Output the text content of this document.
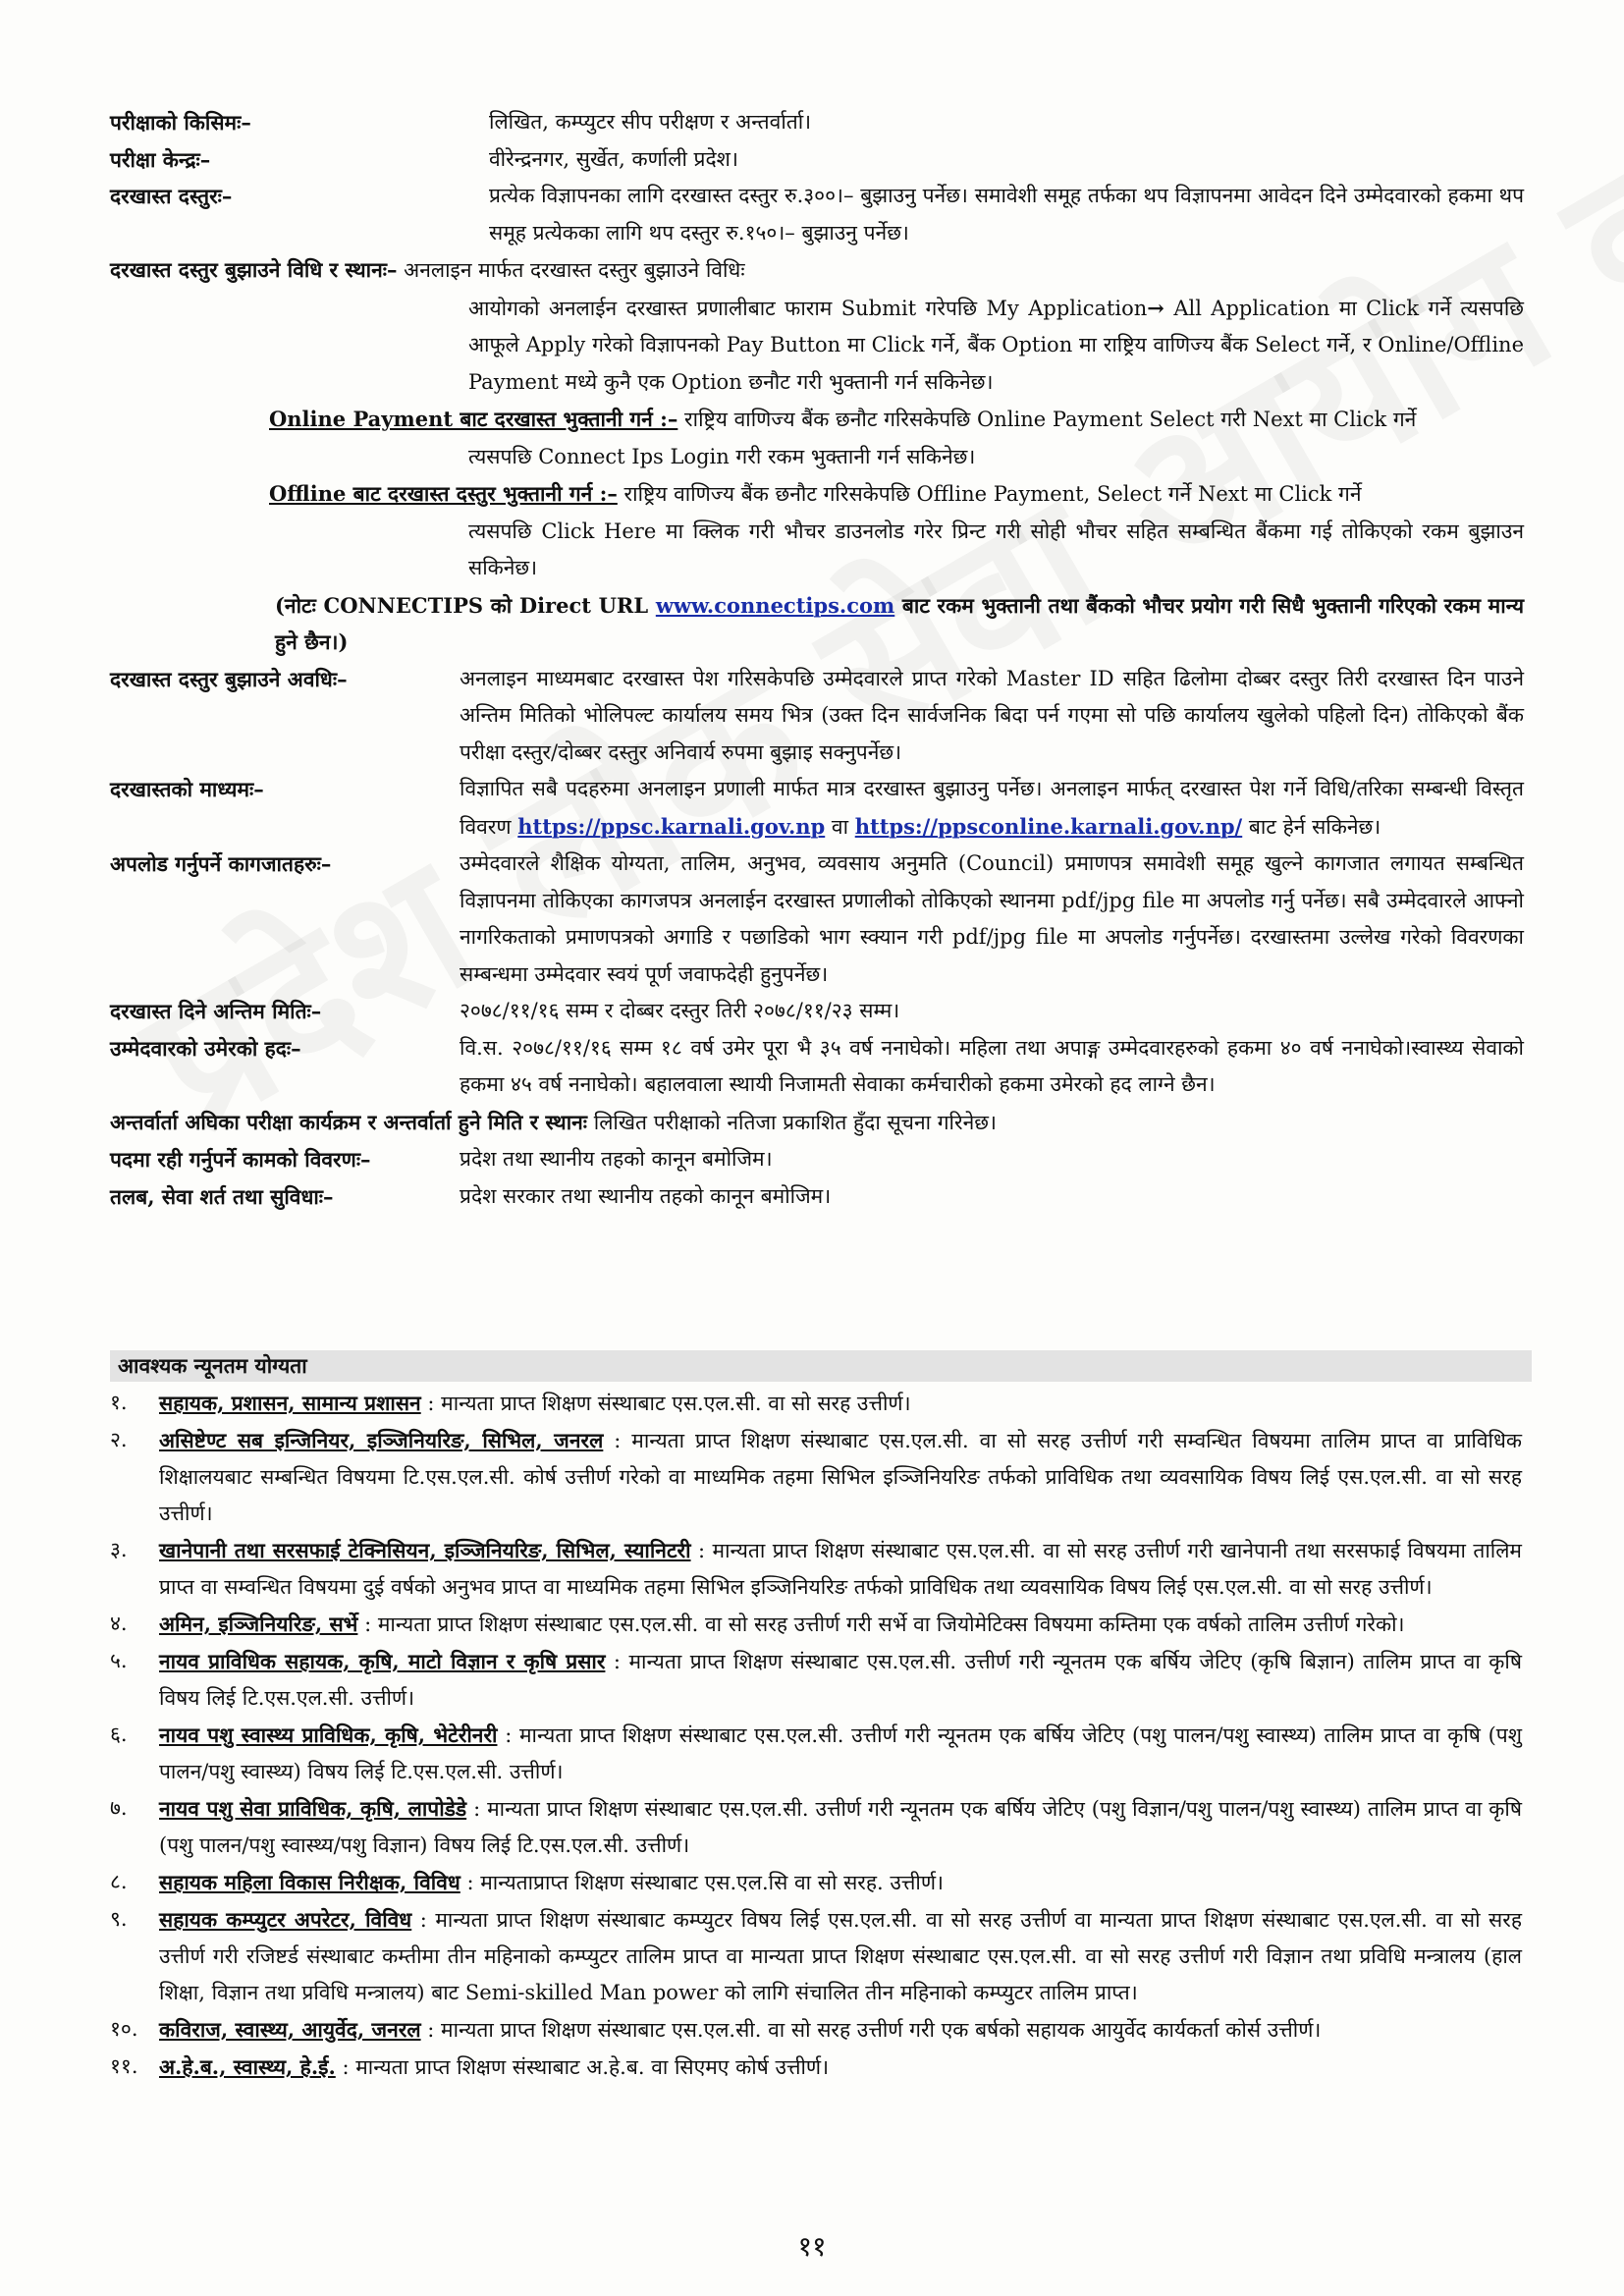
परीक्षाको किसिमः–	लिखित, कम्प्युटर सीप परीक्षण र अन्तर्वार्ता।
परीक्षा केन्द्रः–	वीरेन्द्रनगर, सुर्खेत, कर्णाली प्रदेश।
दरखास्त दस्तुरः–	प्रत्येक विज्ञापनका लागि दरखास्त दस्तुर रु.३००।– बुझाउनु पर्नेछ। समावेशी समूह तर्फका थप विज्ञापनमा आवेदन दिने उम्मेदवारको हकमा थप समूह प्रत्येकका लागि थप दस्तुर रु.१५०।– बुझाउनु पर्नेछ।
दरखास्त दस्तुर बुझाउने विधि र स्थानः– अनलाइन मार्फत दरखास्त दस्तुर बुझाउने विधिः
आयोगको अनलाईन दरखास्त प्रणालीबाट फाराम Submit गरेपछि My Application→ All Application मा Click गर्ने त्यसपछि आफूले Apply गरेको विज्ञापनको Pay Button मा Click गर्ने, बैंक Option मा राष्ट्रिय वाणिज्य बैंक Select गर्ने, र Online/Offline Payment मध्ये कुनै एक Option छनौट गरी भुक्तानी गर्न सकिनेछ।
Online Payment बाट दरखास्त भुक्तानी गर्न :– राष्ट्रिय वाणिज्य बैंक छनौट गरिसकेपछि Online Payment Select गरी Next मा Click गर्ने
त्यसपछि Connect Ips Login गरी रकम भुक्तानी गर्न सकिनेछ।
Offline बाट दरखास्त दस्तुर भुक्तानी गर्न :– राष्ट्रिय वाणिज्य बैंक छनौट गरिसकेपछि Offline Payment, Select गर्ने Next मा Click गर्ने
त्यसपछि Click Here मा क्लिक गरी भौचर डाउनलोड गरेर प्रिन्ट गरी सोही भौचर सहित सम्बन्धित बैंकमा गई तोकिएको रकम बुझाउन सकिनेछ।
(नोटः CONNECTIPS को Direct URL www.connectips.com बाट रकम भुक्तानी तथा बैंकको भौचर प्रयोग गरी सिधै भुक्तानी गरिएको रकम मान्य हुने छैन।)
दरखास्त दस्तुर बुझाउने अवधिः–	अनलाइन माध्यमबाट दरखास्त पेश गरिसकेपछि उम्मेदवारले प्राप्त गरेको Master ID सहित ढिलोमा दोब्बर दस्तुर तिरी दरखास्त दिन पाउने अन्तिम मितिको भोलिपल्ट कार्यालय समय भित्र (उक्त दिन सार्वजनिक बिदा पर्न गएमा सो पछि कार्यालय खुलेको पहिलो दिन) तोकिएको बैंक परीक्षा दस्तुर/दोब्बर दस्तुर अनिवार्य रुपमा बुझाइ सक्नुपर्नेछ।
दरखास्तको माध्यमः–	विज्ञापित सबै पदहरुमा अनलाइन प्रणाली मार्फत मात्र दरखास्त बुझाउनु पर्नेछ। अनलाइन मार्फत् दरखास्त पेश गर्ने विधि/तरिका सम्बन्धी विस्तृत विवरण https://ppsc.karnali.gov.np वा https://ppsconline.karnali.gov.np/ बाट हेर्न सकिनेछ।
अपलोड गर्नुपर्ने कागजातहरुः–	उम्मेदवारले शैक्षिक योग्यता, तालिम, अनुभव, व्यवसाय अनुमति (Council) प्रमाणपत्र समावेशी समूह खुल्ने कागजात लगायत सम्बन्धित विज्ञापनमा तोकिएका कागजपत्र अनलाईन दरखास्त प्रणालीको तोकिएको स्थानमा pdf/jpg file मा अपलोड गर्नु पर्नेछ। सबै उम्मेदवारले आफ्नो नागरिकताको प्रमाणपत्रको अगाडि र पछाडिको भाग स्क्यान गरी pdf/jpg file मा अपलोड गर्नुपर्नेछ। दरखास्तमा उल्लेख गरेको विवरणका सम्बन्धमा उम्मेदवार स्वयं पूर्ण जवाफदेही हुनुपर्नेछ।
दरखास्त दिने अन्तिम मितिः–	२०७८/११/१६ सम्म र दोब्बर दस्तुर तिरी २०७८/११/२३ सम्म।
उम्मेदवारको उमेरको हदः–	वि.स. २०७८/११/१६ सम्म १८ वर्ष उमेर पूरा भै ३५ वर्ष ननाघेको। महिला तथा अपाङ्ग उम्मेदवारहरुको हकमा ४० वर्ष ननाघेको।स्वास्थ्य सेवाको हकमा ४५ वर्ष ननाघेको। बहालवाला स्थायी निजामती सेवाका कर्मचारीको हकमा उमेरको हद लाग्ने छैन।
अन्तर्वार्ता अघिका परीक्षा कार्यक्रम र अन्तर्वार्ता हुने मिति र स्थानः लिखित परीक्षाको नतिजा प्रकाशित हुँदा सूचना गरिनेछ।
पदमा रही गर्नुपर्ने कामको विवरणः–	प्रदेश तथा स्थानीय तहको कानून बमोजिम।
तलब, सेवा शर्त तथा सुविधाः–	प्रदेश सरकार तथा स्थानीय तहको कानून बमोजिम।
आवश्यक न्यूनतम योग्यता
१.	सहायक, प्रशासन, सामान्य प्रशासन : मान्यता प्राप्त शिक्षण संस्थाबाट एस.एल.सी. वा सो सरह उत्तीर्ण।
२.	असिष्टेण्ट सब इन्जिनियर, इञ्जिनियरिङ, सिभिल, जनरल : मान्यता प्राप्त शिक्षण संस्थाबाट एस.एल.सी. वा सो सरह उत्तीर्ण गरी सम्वन्धित विषयमा तालिम प्राप्त वा प्राविधिक शिक्षालयबाट सम्बन्धित विषयमा टि.एस.एल.सी. कोर्ष उत्तीर्ण गरेको वा माध्यमिक तहमा सिभिल इञ्जिनियरिङ तर्फको प्राविधिक तथा व्यवसायिक विषय लिई एस.एल.सी. वा सो सरह उत्तीर्ण।
३.	खानेपानी तथा सरसफाई टेक्निसियन, इञ्जिनियरिङ, सिभिल, स्यानिटरी : मान्यता प्राप्त शिक्षण संस्थाबाट एस.एल.सी. वा सो सरह उत्तीर्ण गरी खानेपानी तथा सरसफाई विषयमा तालिम प्राप्त वा सम्वन्धित विषयमा दुई वर्षको अनुभव प्राप्त वा माध्यमिक तहमा सिभिल इञ्जिनियरिङ तर्फको प्राविधिक तथा व्यवसायिक विषय लिई एस.एल.सी. वा सो सरह उत्तीर्ण।
४.	अमिन, इञ्जिनियरिङ, सर्भे : मान्यता प्राप्त शिक्षण संस्थाबाट एस.एल.सी. वा सो सरह उत्तीर्ण गरी सर्भे वा जियोमेटिक्स विषयमा कम्तिमा एक वर्षको तालिम उत्तीर्ण गरेको।
५.	नायव प्राविधिक सहायक, कृषि, माटो विज्ञान र कृषि प्रसार : मान्यता प्राप्त शिक्षण संस्थाबाट एस.एल.सी. उत्तीर्ण गरी न्यूनतम एक बर्षिय जेटिए (कृषि बिज्ञान) तालिम प्राप्त वा कृषि विषय लिई टि.एस.एल.सी. उत्तीर्ण।
६.	नायव पशु स्वास्थ्य प्राविधिक, कृषि, भेटेरीनरी : मान्यता प्राप्त शिक्षण संस्थाबाट एस.एल.सी. उत्तीर्ण गरी न्यूनतम एक बर्षिय जेटिए (पशु पालन/पशु स्वास्थ्य) तालिम प्राप्त वा कृषि (पशु पालन/पशु स्वास्थ्य) विषय लिई टि.एस.एल.सी. उत्तीर्ण।
७.	नायव पशु सेवा प्राविधिक, कृषि, लापोडेडे : मान्यता प्राप्त शिक्षण संस्थाबाट एस.एल.सी. उत्तीर्ण गरी न्यूनतम एक बर्षिय जेटिए (पशु विज्ञान/पशु पालन/पशु स्वास्थ्य) तालिम प्राप्त वा कृषि (पशु पालन/पशु स्वास्थ्य/पशु विज्ञान) विषय लिई टि.एस.एल.सी. उत्तीर्ण।
८.	सहायक महिला विकास निरीक्षक, विविध : मान्यताप्राप्त शिक्षण संस्थाबाट एस.एल.सि वा सो सरह. उत्तीर्ण।
९.	सहायक कम्प्युटर अपरेटर, विविध : मान्यता प्राप्त शिक्षण संस्थाबाट कम्प्युटर विषय लिई एस.एल.सी. वा सो सरह उत्तीर्ण वा मान्यता प्राप्त शिक्षण संस्थाबाट एस.एल.सी. वा सो सरह उत्तीर्ण गरी रजिष्टर्ड संस्थाबाट कम्तीमा तीन महिनाको कम्प्युटर तालिम प्राप्त वा मान्यता प्राप्त शिक्षण संस्थाबाट एस.एल.सी. वा सो सरह उत्तीर्ण गरी विज्ञान तथा प्रविधि मन्त्रालय (हाल शिक्षा, विज्ञान तथा प्रविधि मन्त्रालय) बाट Semi-skilled Man power को लागि संचालित तीन महिनाको कम्प्युटर तालिम प्राप्त।
१०.	कविराज, स्वास्थ्य, आयुर्वेद, जनरल : मान्यता प्राप्त शिक्षण संस्थाबाट एस.एल.सी. वा सो सरह उत्तीर्ण गरी एक बर्षको सहायक आयुर्वेद कार्यकर्ता कोर्स उत्तीर्ण।
११.	अ.हे.ब., स्वास्थ्य, हे.ई. : मान्यता प्राप्त शिक्षण संस्थाबाट अ.हे.ब. वा सिएमए कोर्ष उत्तीर्ण।
११
